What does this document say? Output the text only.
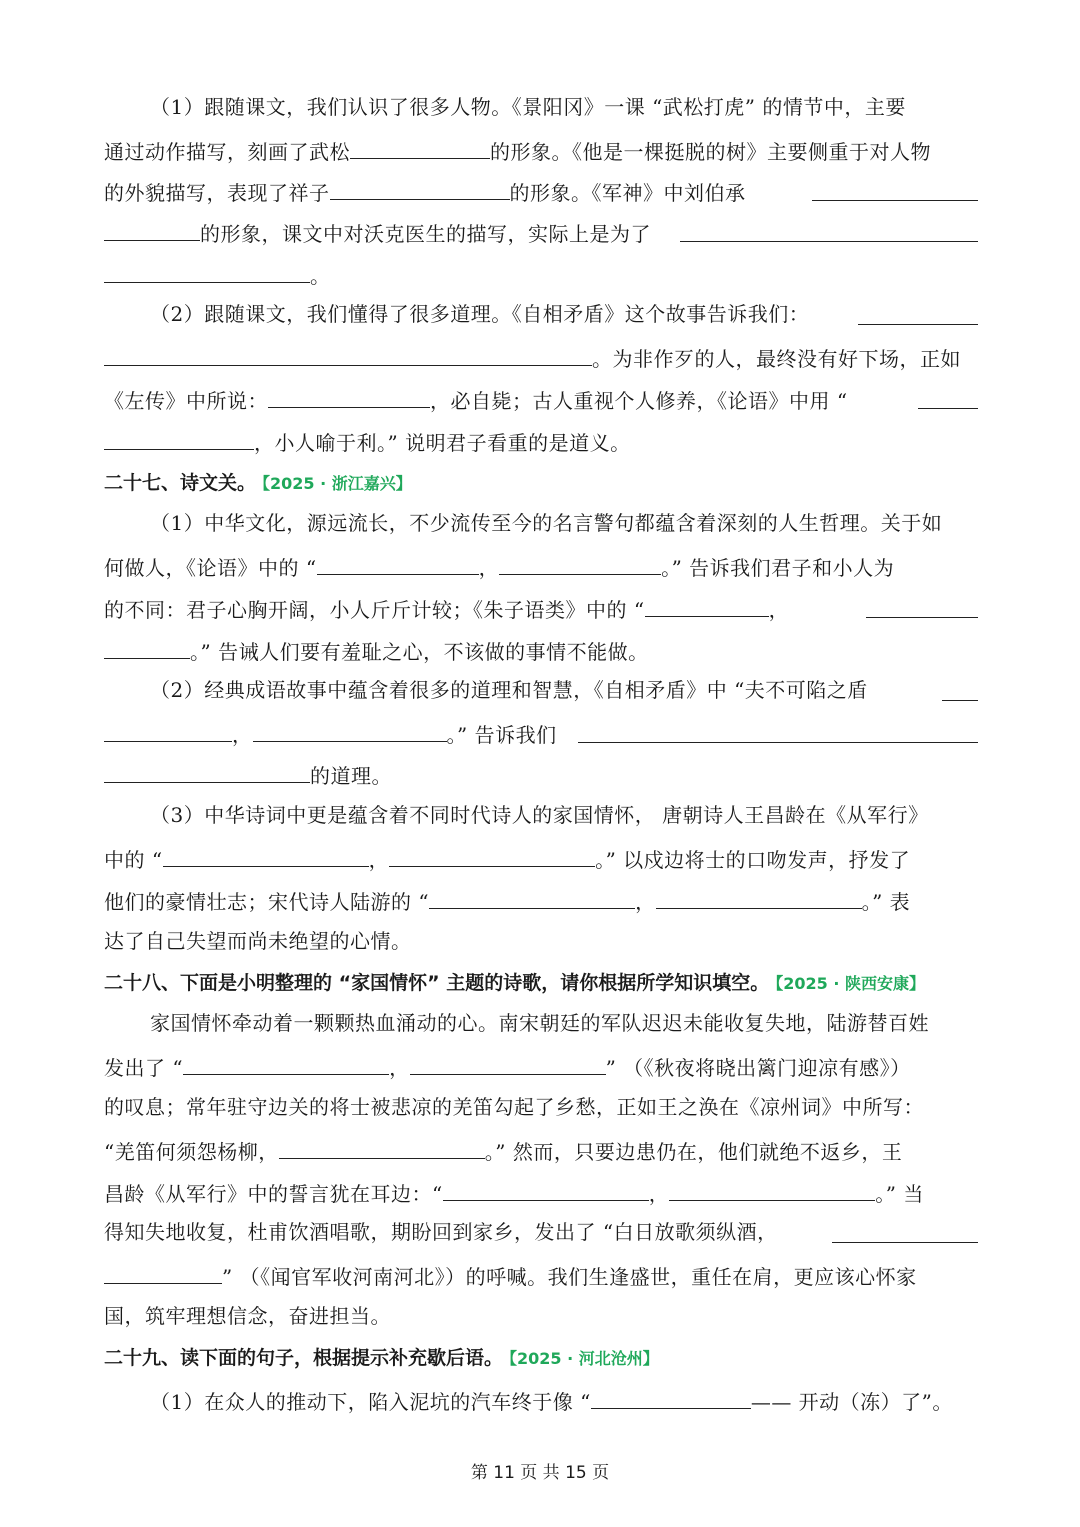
（1）跟随课文，我们认识了很多人物。《景阳冈》一课 “武松打虎” 的情节中，主要
通过动作描写，刻画了武松	的形象。《他是一棵挺脱的树》主要侧重于对人物
的外貌描写，表现了祥子	的形象。《军神》中刘伯承
的形象，课文中对沃克医生的描写，实际上是为了
。
（2）跟随课文，我们懂得了很多道理。《自相矛盾》这个故事告诉我们：
。为非作歹的人，最终没有好下场，正如
《左传》中所说：	，必自毙；古人重视个人修养，《论语》中用 “
，小人喻于利。” 说明君子看重的是道义。
二十七、诗文关。 【2025 · 浙江嘉兴】
（1）中华文化，源远流长，不少流传至今的名言警句都蕴含着深刻的人生哲理。关于如
何做人，《论语》中的 “	，	。” 告诉我们君子和小人为
的不同：君子心胸开阔，小人斤斤计较；《朱子语类》中的 “	，
。” 告诫人们要有羞耻之心，不该做的事情不能做。
（2）经典成语故事中蕴含着很多的道理和智慧，《自相矛盾》中 “夫不可陷之盾
，	。” 告诉我们
的道理。
（3）中华诗词中更是蕴含着不同时代诗人的家国情怀， 唐朝诗人王昌龄在《从军行》
中的 “	，	。” 以戍边将士的口吻发声，抒发了
他们的豪情壮志；宋代诗人陆游的 “	，	。” 表
达了自己失望而尚未绝望的心情。
二十八、下面是小明整理的 “家国情怀” 主题的诗歌，请你根据所学知识填空。 【2025 · 陕西安康】
家国情怀牵动着一颗颗热血涌动的心。南宋朝廷的军队迟迟未能收复失地，陆游替百姓
发出了 “	，	” （《秋夜将晓出篱门迎凉有感》）
的叹息；常年驻守边关的将士被悲凉的羌笛勾起了乡愁，正如王之涣在《凉州词》中所写：
“羌笛何须怨杨柳，	。” 然而，只要边患仍在，他们就绝不返乡，王
昌龄《从军行》中的誓言犹在耳边：“	，	。” 当
得知失地收复，杜甫饮酒唱歌，期盼回到家乡，发出了 “白日放歌须纵酒，
” （《闻官军收河南河北》）的呼喊。我们生逢盛世，重任在肩，更应该心怀家
国，筑牢理想信念，奋进担当。
二十九、读下面的句子，根据提示补充歇后语。 【2025 · 河北沧州】
（1）在众人的推动下，陷入泥坑的汽车终于像 “	—— 开动（冻）了”。
第 11 页 共 15 页
